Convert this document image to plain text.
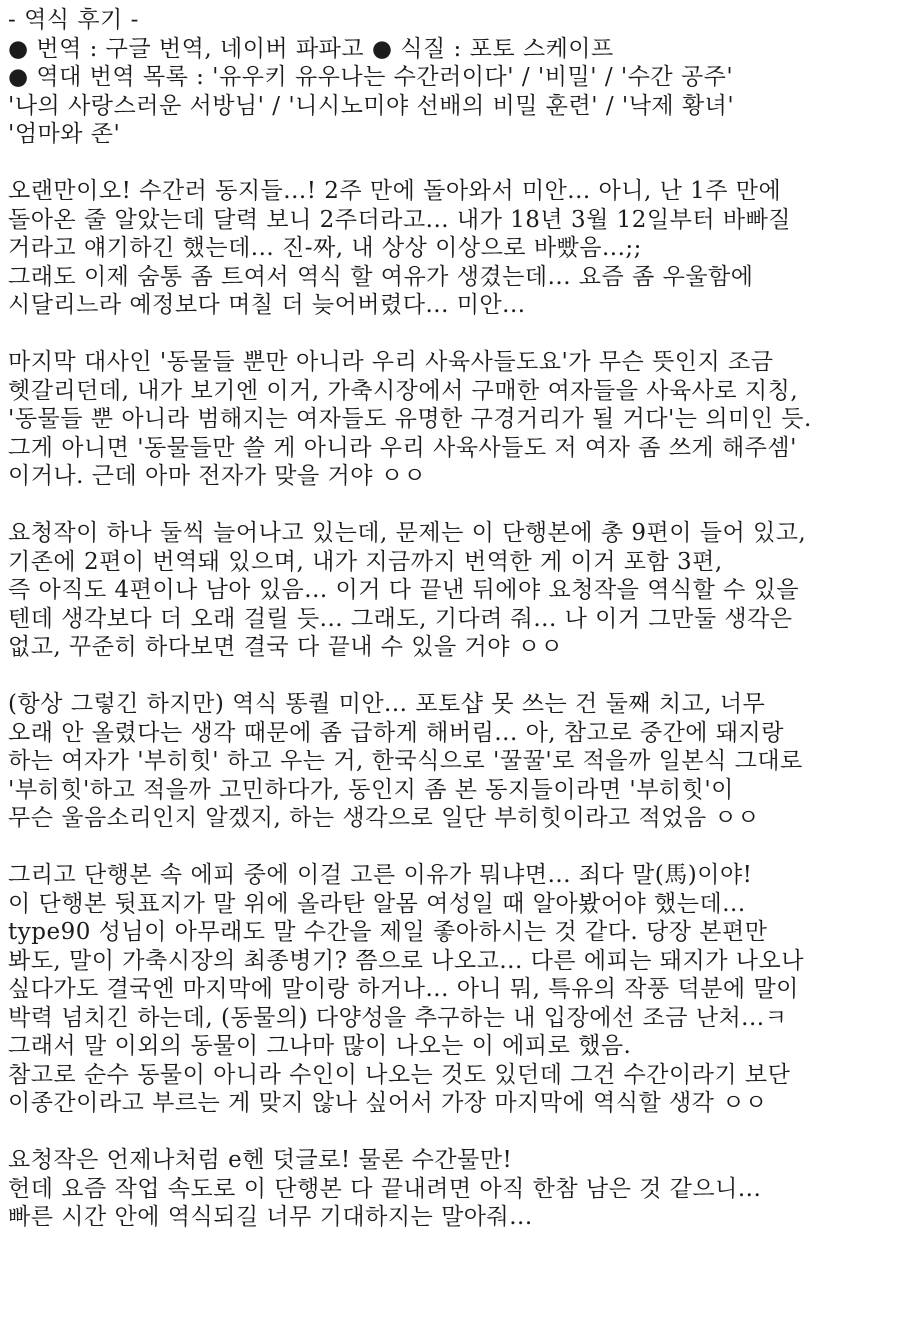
- 역식 후기 -
● 번역 : 구글 번역, 네이버 파파고 ● 식질 : 포토 스케이프
● 역대 번역 목록 : '유우키 유우나는 수간러이다' / '비밀' / '수간 공주'
'나의 사랑스러운 서방님' / '니시노미야 선배의 비밀 훈련' / '낙제 황녀'
'엄마와 존'
오랜만이오! 수간러 동지들...! 2주 만에 돌아와서 미안... 아니, 난 1주 만에
돌아온 줄 알았는데 달력 보니 2주더라고... 내가 18년 3월 12일부터 바빠질
거라고 얘기하긴 했는데... 진-짜, 내 상상 이상으로 바빴음...;;
그래도 이제 숨통 좀 트여서 역식 할 여유가 생겼는데... 요즘 좀 우울함에
시달리느라 예정보다 며칠 더 늦어버렸다... 미안...
마지막 대사인 '동물들 뿐만 아니라 우리 사육사들도요'가 무슨 뜻인지 조금
헷갈리던데, 내가 보기엔 이거, 가축시장에서 구매한 여자들을 사육사로 지칭,
'동물들 뿐 아니라 범해지는 여자들도 유명한 구경거리가 될 거다'는 의미인 듯.
그게 아니면 '동물들만 쓸 게 아니라 우리 사육사들도 저 여자 좀 쓰게 해주셈'
이거나. 근데 아마 전자가 맞을 거야 ㅇㅇ
요청작이 하나 둘씩 늘어나고 있는데, 문제는 이 단행본에 총 9편이 들어 있고,
기존에 2편이 번역돼 있으며, 내가 지금까지 번역한 게 이거 포함 3편,
즉 아직도 4편이나 남아 있음... 이거 다 끝낸 뒤에야 요청작을 역식할 수 있을
텐데 생각보다 더 오래 걸릴 듯... 그래도, 기다려 줘... 나 이거 그만둘 생각은
없고, 꾸준히 하다보면 결국 다 끝내 수 있을 거야 ㅇㅇ
(항상 그렇긴 하지만) 역식 똥퀄 미안... 포토샵 못 쓰는 건 둘째 치고, 너무
오래 안 올렸다는 생각 때문에 좀 급하게 해버림... 아, 참고로 중간에 돼지랑
하는 여자가 '부히힛' 하고 우는 거, 한국식으로 '꿀꿀'로 적을까 일본식 그대로
'부히힛'하고 적을까 고민하다가, 동인지 좀 본 동지들이라면 '부히힛'이
무슨 울음소리인지 알겠지, 하는 생각으로 일단 부히힛이라고 적었음 ㅇㅇ
그리고 단행본 속 에피 중에 이걸 고른 이유가 뭐냐면... 죄다 말(馬)이야!
이 단행본 뒷표지가 말 위에 올라탄 알몸 여성일 때 알아봤어야 했는데...
type90 성님이 아무래도 말 수간을 제일 좋아하시는 것 같다. 당장 본편만
봐도, 말이 가축시장의 최종병기? 쯤으로 나오고... 다른 에피는 돼지가 나오나
싶다가도 결국엔 마지막에 말이랑 하거나... 아니 뭐, 특유의 작풍 덕분에 말이
박력 넘치긴 하는데, (동물의) 다양성을 추구하는 내 입장에선 조금 난처...ㅋ
그래서 말 이외의 동물이 그나마 많이 나오는 이 에피로 했음.
참고로 순수 동물이 아니라 수인이 나오는 것도 있던데 그건 수간이라기 보단
이종간이라고 부르는 게 맞지 않나 싶어서 가장 마지막에 역식할 생각 ㅇㅇ
요청작은 언제나처럼 e헨 덧글로! 물론 수간물만!
헌데 요즘 작업 속도로 이 단행본 다 끝내려면 아직 한참 남은 것 같으니...
빠른 시간 안에 역식되길 너무 기대하지는 말아줘...
